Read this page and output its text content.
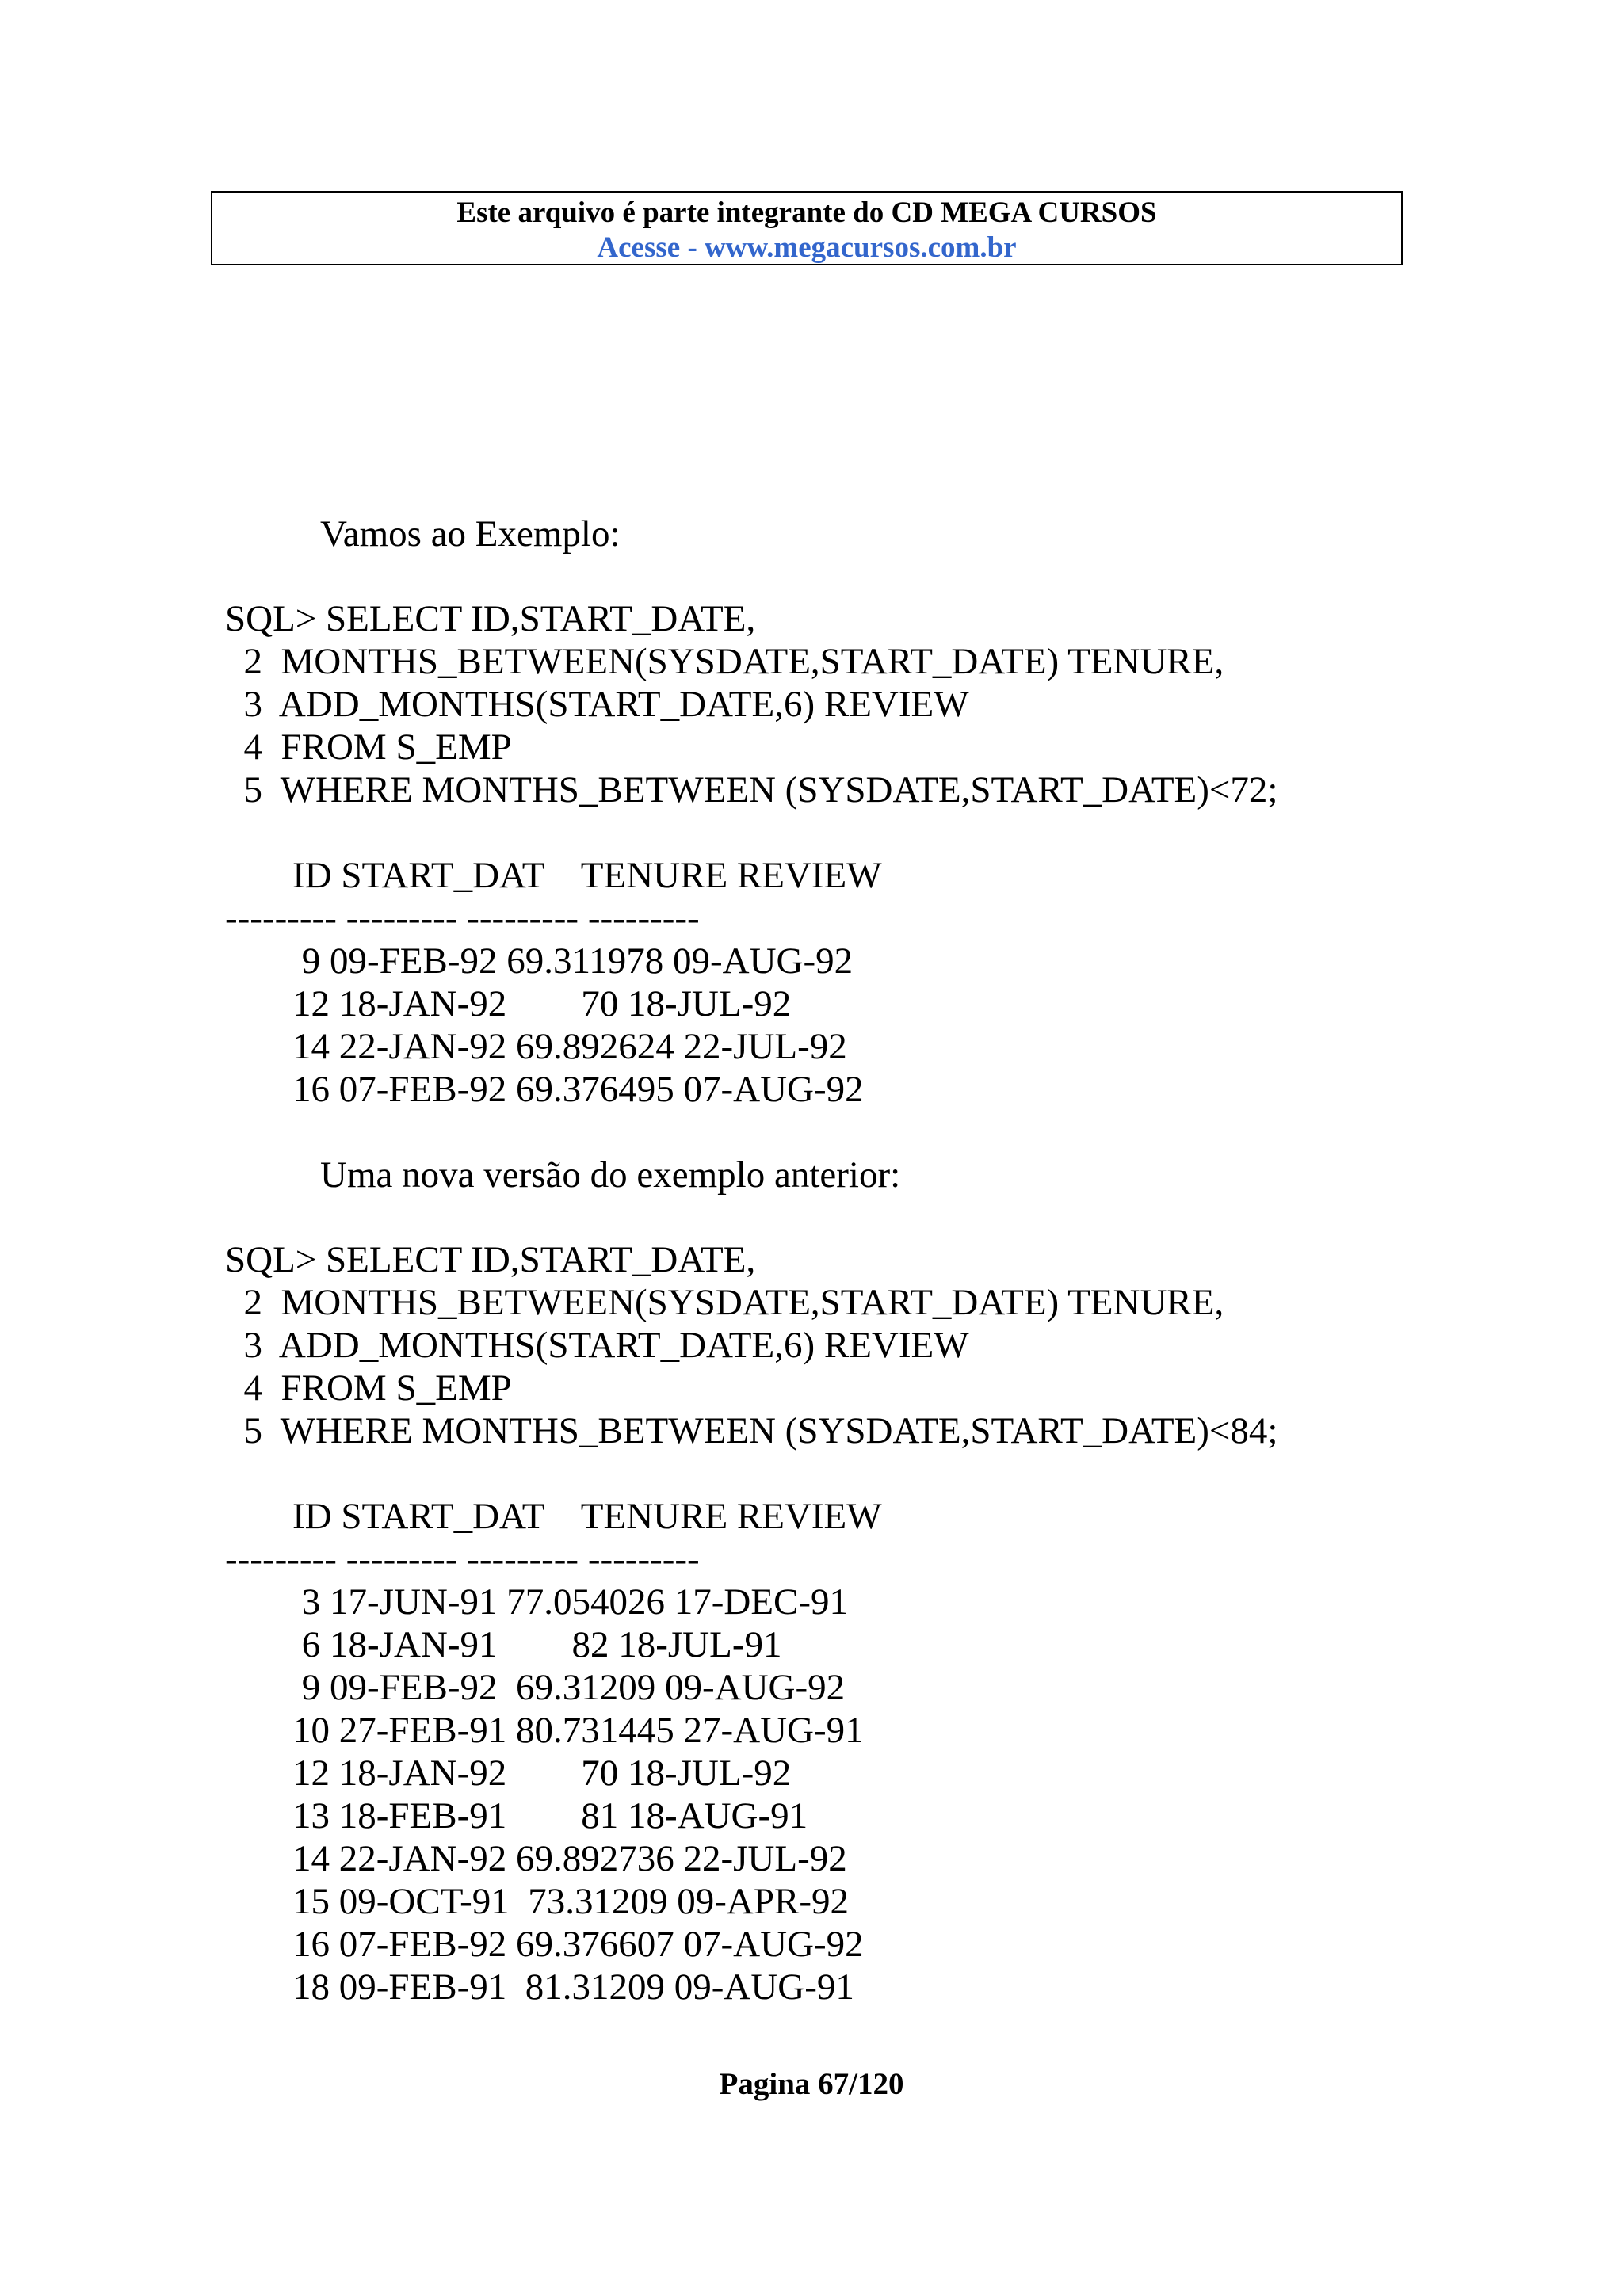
Este arquivo é parte integrante do CD MEGA CURSOS
Acesse - www.megacursos.com.br
Vamos ao Exemplo:
SQL> SELECT ID,START_DATE,
2  MONTHS_BETWEEN(SYSDATE,START_DATE) TENURE,
3  ADD_MONTHS(START_DATE,6) REVIEW
4  FROM S_EMP
5  WHERE MONTHS_BETWEEN (SYSDATE,START_DATE)<72;
ID START_DAT    TENURE REVIEW
--------- --------- --------- ---------
9 09-FEB-92 69.311978 09-AUG-92
12 18-JAN-92        70 18-JUL-92
14 22-JAN-92 69.892624 22-JUL-92
16 07-FEB-92 69.376495 07-AUG-92
Uma nova versão do exemplo anterior:
SQL> SELECT ID,START_DATE,
2  MONTHS_BETWEEN(SYSDATE,START_DATE) TENURE,
3  ADD_MONTHS(START_DATE,6) REVIEW
4  FROM S_EMP
5  WHERE MONTHS_BETWEEN (SYSDATE,START_DATE)<84;
ID START_DAT    TENURE REVIEW
--------- --------- --------- ---------
3 17-JUN-91 77.054026 17-DEC-91
6 18-JAN-91        82 18-JUL-91
9 09-FEB-92  69.31209 09-AUG-92
10 27-FEB-91 80.731445 27-AUG-91
12 18-JAN-92        70 18-JUL-92
13 18-FEB-91        81 18-AUG-91
14 22-JAN-92 69.892736 22-JUL-92
15 09-OCT-91  73.31209 09-APR-92
16 07-FEB-92 69.376607 07-AUG-92
18 09-FEB-91  81.31209 09-AUG-91
Pagina 67/120
